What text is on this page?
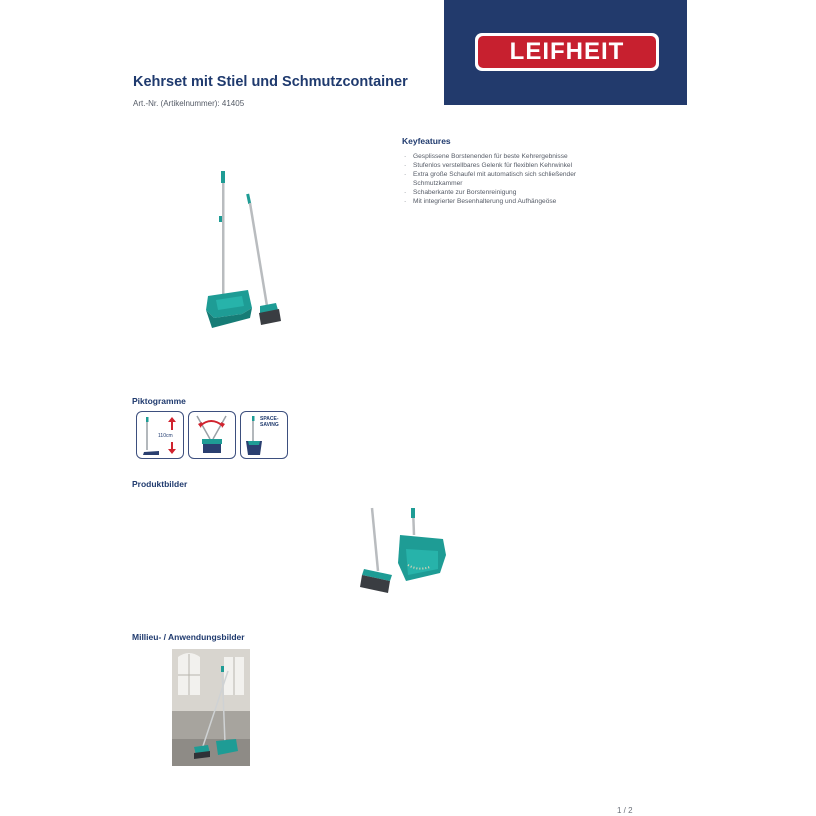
LEIFHEIT
Kehrset mit Stiel und Schmutzcontainer
Art.-Nr. (Artikelnummer): 41405
Keyfeatures
· Gesplissene Borstenenden für beste Kehrergebnisse
· Stufenlos verstellbares Gelenk für flexiblen Kehrwinkel
· Extra große Schaufel mit automatisch sich schließender Schmutzkammer
· Schaberkante zur Borstenreinigung
· Mit integrierter Besenhalterung und Aufhängeöse
Piktogramme
110cm
SPACE-
SAVING
Produktbilder
Millieu- / Anwendungsbilder
1 / 2
